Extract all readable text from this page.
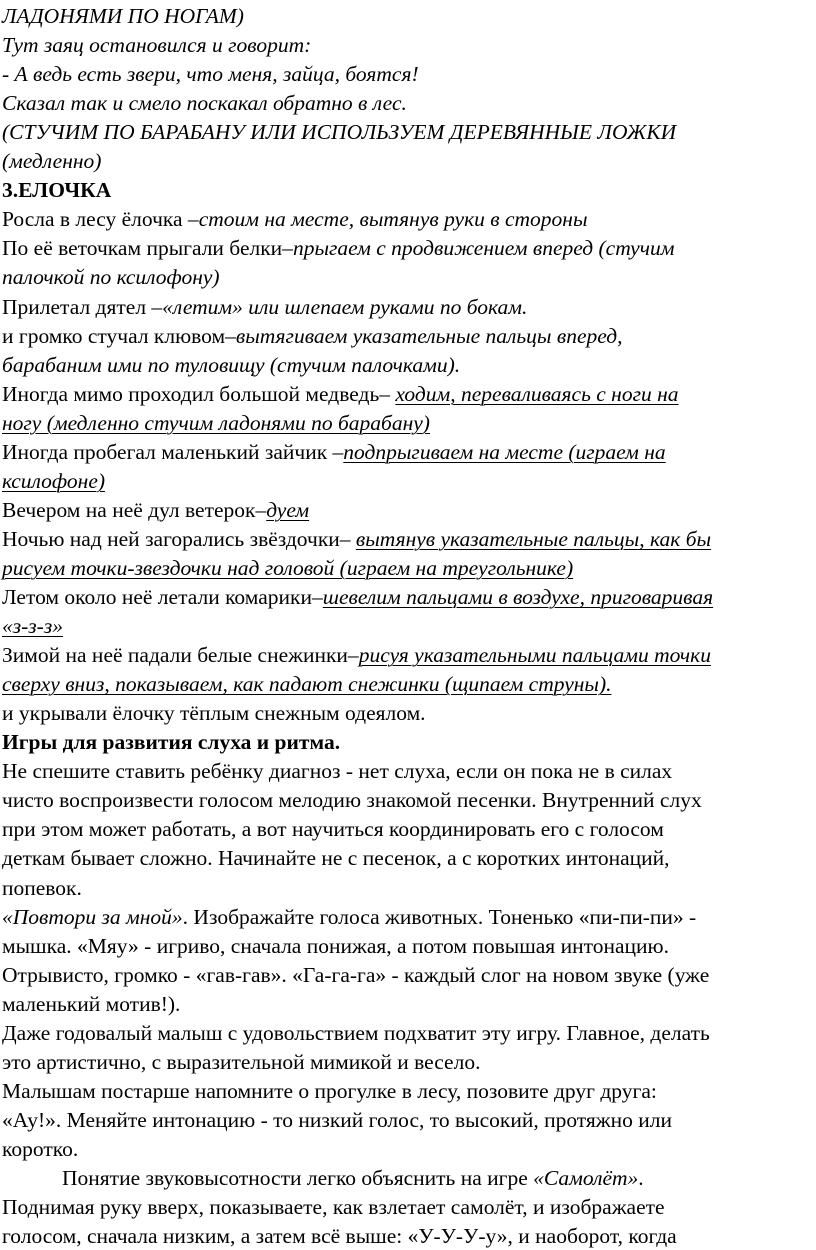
ЛАДОНЯМИ ПО НОГАМ)
Тут заяц остановился и говорит:
- А ведь есть звери, что меня, зайца, боятся!
Сказал так и смело поскакал обратно в лес.
(СТУЧИМ ПО БАРАБАНУ ИЛИ ИСПОЛЬЗУЕМ ДЕРЕВЯННЫЕ ЛОЖКИ
(медленно)
3.ЕЛОЧКА
Росла в лесу ёлочка –стоим на месте, вытянув руки в стороны
По её веточкам прыгали белки–прыгаем с продвижением вперед (стучим
палочкой по ксилофону)
Прилетал дятел –«летим» или шлепаем руками по бокам.
и громко стучал клювом–вытягиваем указательные пальцы вперед,
барабаним ими по туловищу (стучим палочками).
Иногда мимо проходил большой медведь– ходим, переваливаясь с ноги на
ногу (медленно стучим ладонями по барабану)
Иногда пробегал маленький зайчик –подпрыгиваем на месте (играем на
ксилофоне)
Вечером на неё дул ветерок–дуем
Ночью над ней загорались звёздочки– вытянув указательные пальцы, как бы
рисуем точки-звездочки над головой (играем на треугольнике)
Летом около неё летали комарики–шевелим пальцами в воздухе, приговаривая
«з-з-з»
Зимой на неё падали белые снежинки–рисуя указательными пальцами точки
сверху вниз, показываем, как падают снежинки (щипаем струны).
и укрывали ёлочку тёплым снежным одеялом.
Игры для развития слуха и ритма.
Не спешите ставить ребёнку диагноз - нет слуха, если он пока не в силах
чисто воспроизвести голосом мелодию знакомой песенки. Внутренний слух
при этом может работать, а вот научиться координировать его с голосом
деткам бывает сложно. Начинайте не с песенок, а с коротких интонаций,
попевок.
«Повтори за мной». Изображайте голоса животных. Тоненько «пи-пи-пи» -
мышка. «Мяу» - игриво, сначала понижая, а потом повышая интонацию.
Отрывисто, громко - «гав-гав». «Га-га-га» - каждый слог на новом звуке (уже
маленький мотив!).
Даже годовалый малыш с удовольствием подхватит эту игру. Главное, делать
это артистично, с выразительной мимикой и весело.
Малышам постарше напомните о прогулке в лесу, позовите друг друга:
«Ау!». Меняйте интонацию - то низкий голос, то высокий, протяжно или
коротко.
Понятие звуковысотности легко объяснить на игре «Самолёт».
Поднимая руку вверх, показываете, как взлетает самолёт, и изображаете
голосом, сначала низким, а затем всё выше: «У-У-У-у», и наоборот, когда
